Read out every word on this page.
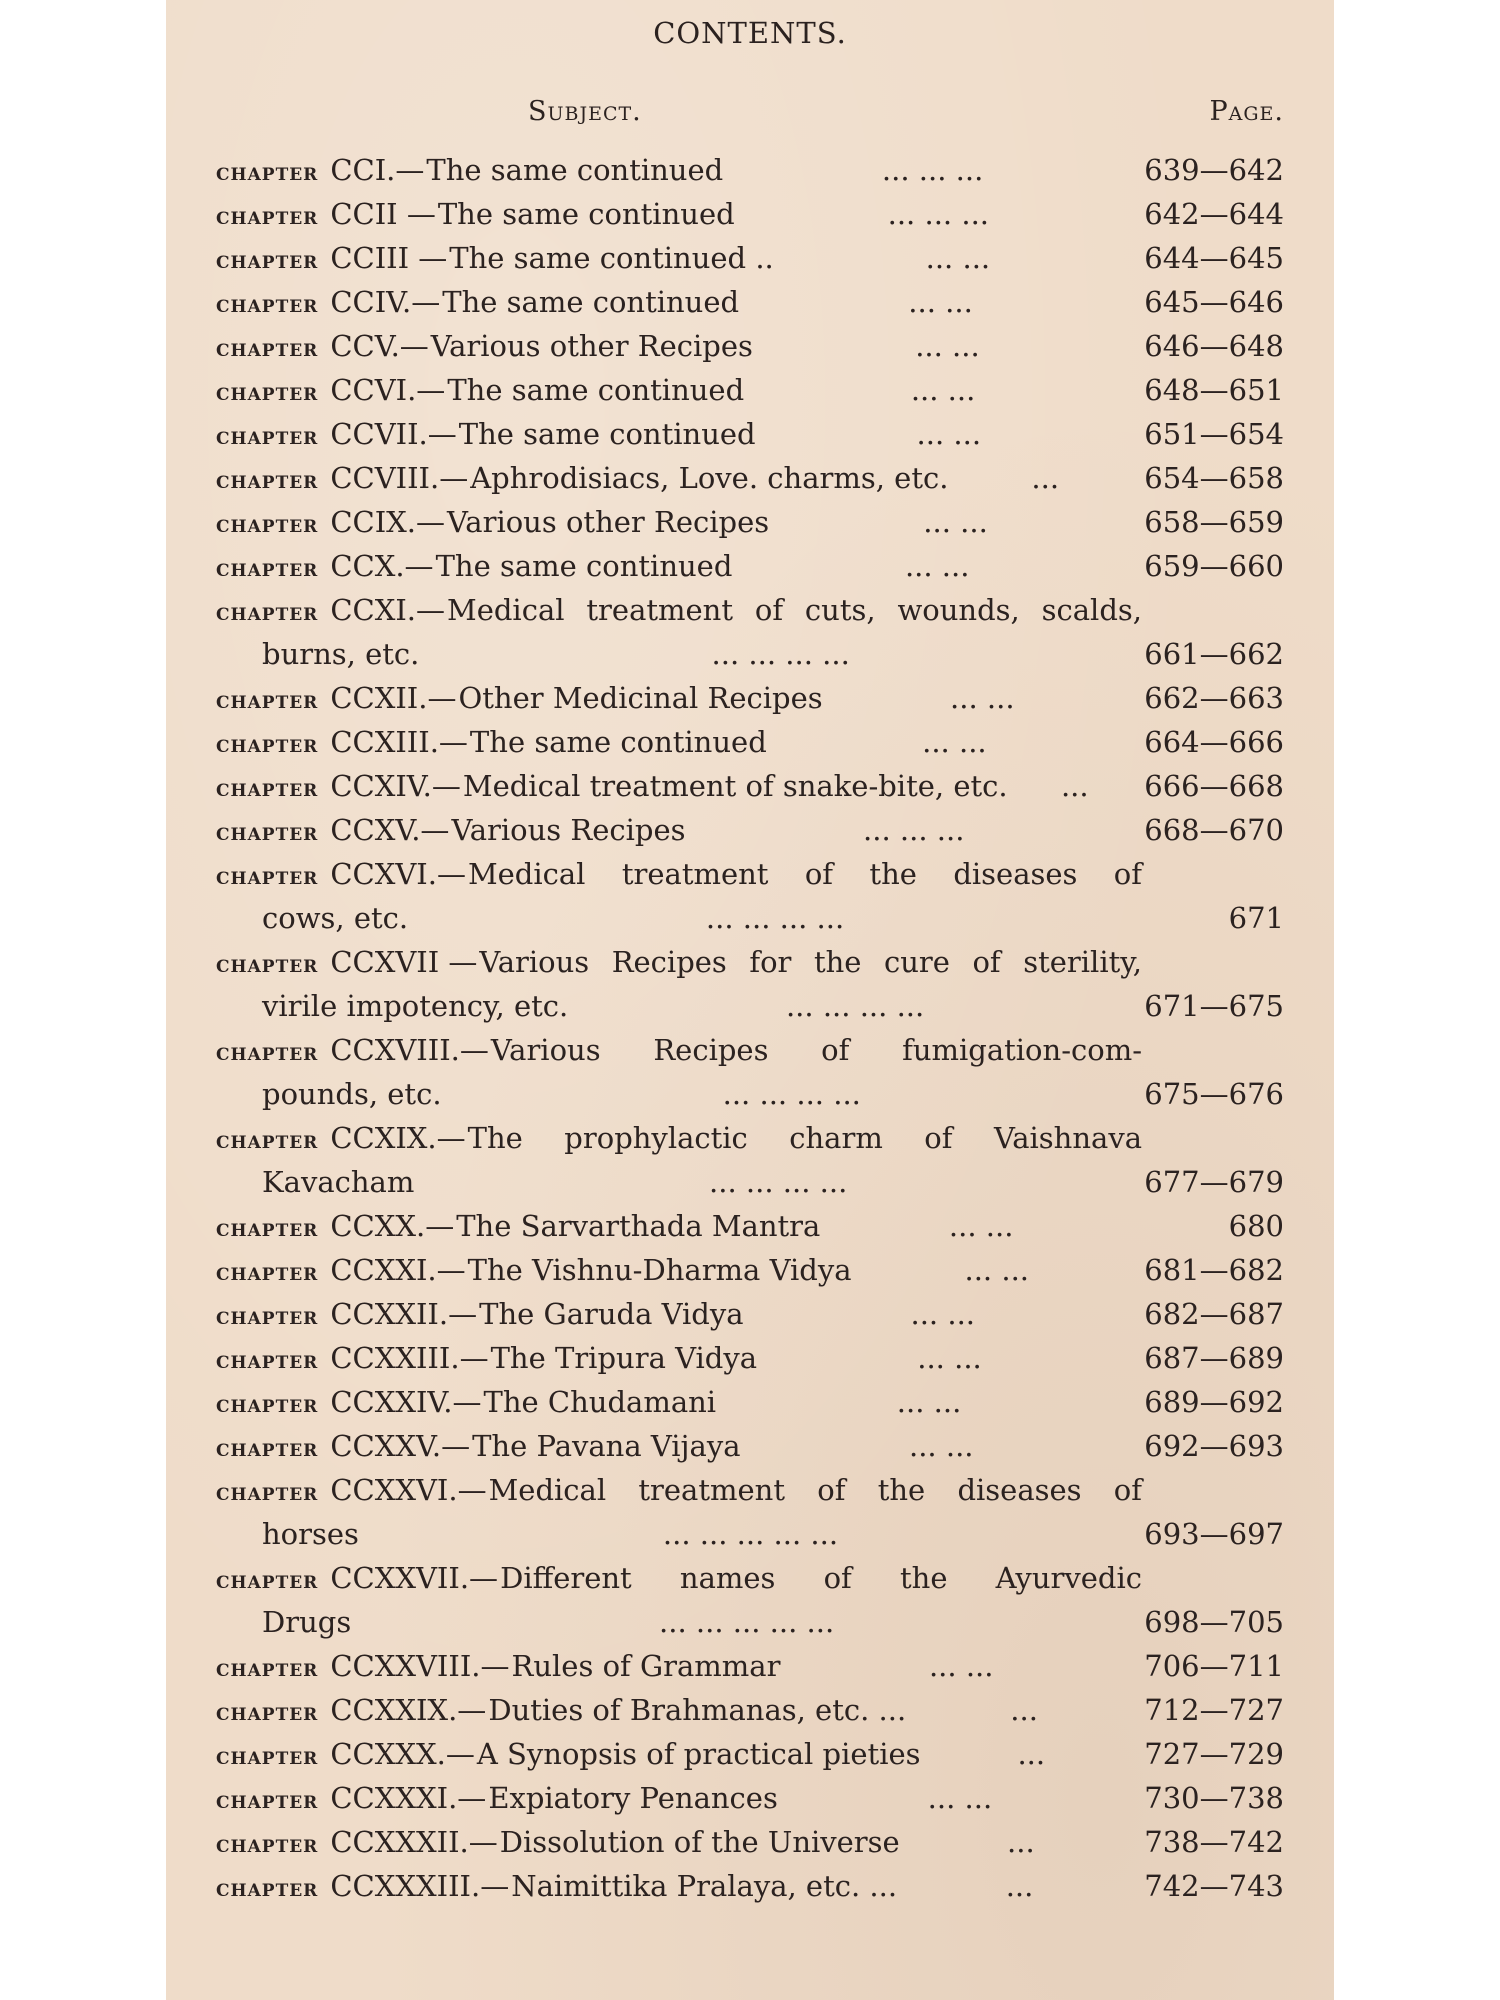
CONTENTS.
Subject.	Page.
chapter CCI.— The same continued	... ... ...	639—642
chapter CCII — The same continued	... ... ...	642—644
chapter CCIII — The same continued ..	... ...	644—645
chapter CCIV.— The same continued	... ...	645—646
chapter CCV.— Various other Recipes	... ...	646—648
chapter CCVI.— The same continued	... ...	648—651
chapter CCVII.— The same continued	... ...	651—654
chapter CCVIII.— Aphrodisiacs, Love. charms, etc.	...	654—658
chapter CCIX.— Various other Recipes	... ...	658—659
chapter CCX.— The same continued	... ...	659—660
chapter CCXI.— Medical treatment of cuts, wounds, scalds,
burns, etc.	... ... ... ...	661—662
chapter CCXII.— Other Medicinal Recipes	... ...	662—663
chapter CCXIII.— The same continued	... ...	664—666
chapter CCXIV.— Medical treatment of snake-bite, etc.	...	666—668
chapter CCXV.— Various Recipes	... ... ...	668—670
chapter CCXVI.— Medical treatment of the diseases of
cows, etc.	... ... ... ...	671
chapter CCXVII — Various Recipes for the cure of sterility,
virile impotency, etc.	... ... ... ...	671—675
chapter CCXVIII.— Various Recipes of fumigation-com-
pounds, etc.	... ... ... ...	675—676
chapter CCXIX.— The prophylactic charm of Vaishnava
Kavacham	... ... ... ...	677—679
chapter CCXX.— The Sarvarthada Mantra	... ...	680
chapter CCXXI.— The Vishnu-Dharma Vidya	... ...	681—682
chapter CCXXII.— The Garuda Vidya	... ...	682—687
chapter CCXXIII.— The Tripura Vidya	... ...	687—689
chapter CCXXIV.— The Chudamani	... ...	689—692
chapter CCXXV.— The Pavana Vijaya	... ...	692—693
chapter CCXXVI.— Medical treatment of the diseases of
horses	... ... ... ... ...	693—697
chapter CCXXVII.— Different names of the Ayurvedic
Drugs	... ... ... ... ...	698—705
chapter CCXXVIII.— Rules of Grammar	... ...	706—711
chapter CCXXIX.— Duties of Brahmanas, etc. ...	...	712—727
chapter CCXXX.— A Synopsis of practical pieties	...	727—729
chapter CCXXXI.— Expiatory Penances	... ...	730—738
chapter CCXXXII.— Dissolution of the Universe	...	738—742
chapter CCXXXIII.— Naimittika Pralaya, etc. ...	...	742—743
